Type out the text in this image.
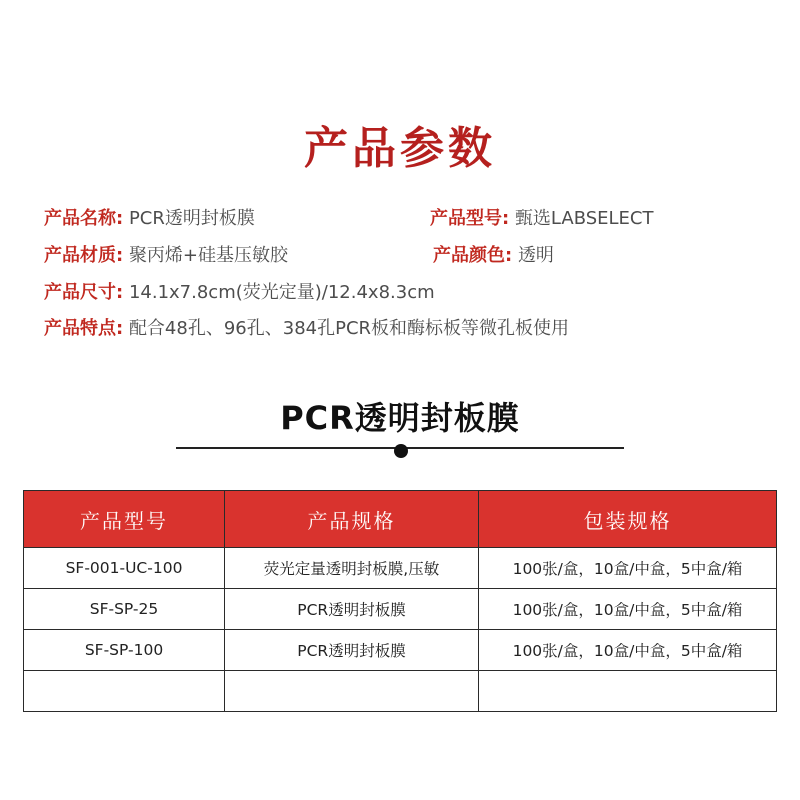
产品参数
产品名称: PCR透明封板膜	产品型号: 甄选LABSELECT
产品材质: 聚丙烯+硅基压敏胶	产品颜色: 透明
产品尺寸: 14.1x7.8cm(荧光定量)/12.4x8.3cm
产品特点: 配合48孔、96孔、384孔PCR板和酶标板等微孔板使用
PCR透明封板膜
产品型号	产品规格	包装规格
SF-001-UC-100	荧光定量透明封板膜,压敏	100张/盒，10盒/中盒，5中盒/箱
SF-SP-25	PCR透明封板膜	100张/盒，10盒/中盒，5中盒/箱
SF-SP-100	PCR透明封板膜	100张/盒，10盒/中盒，5中盒/箱
